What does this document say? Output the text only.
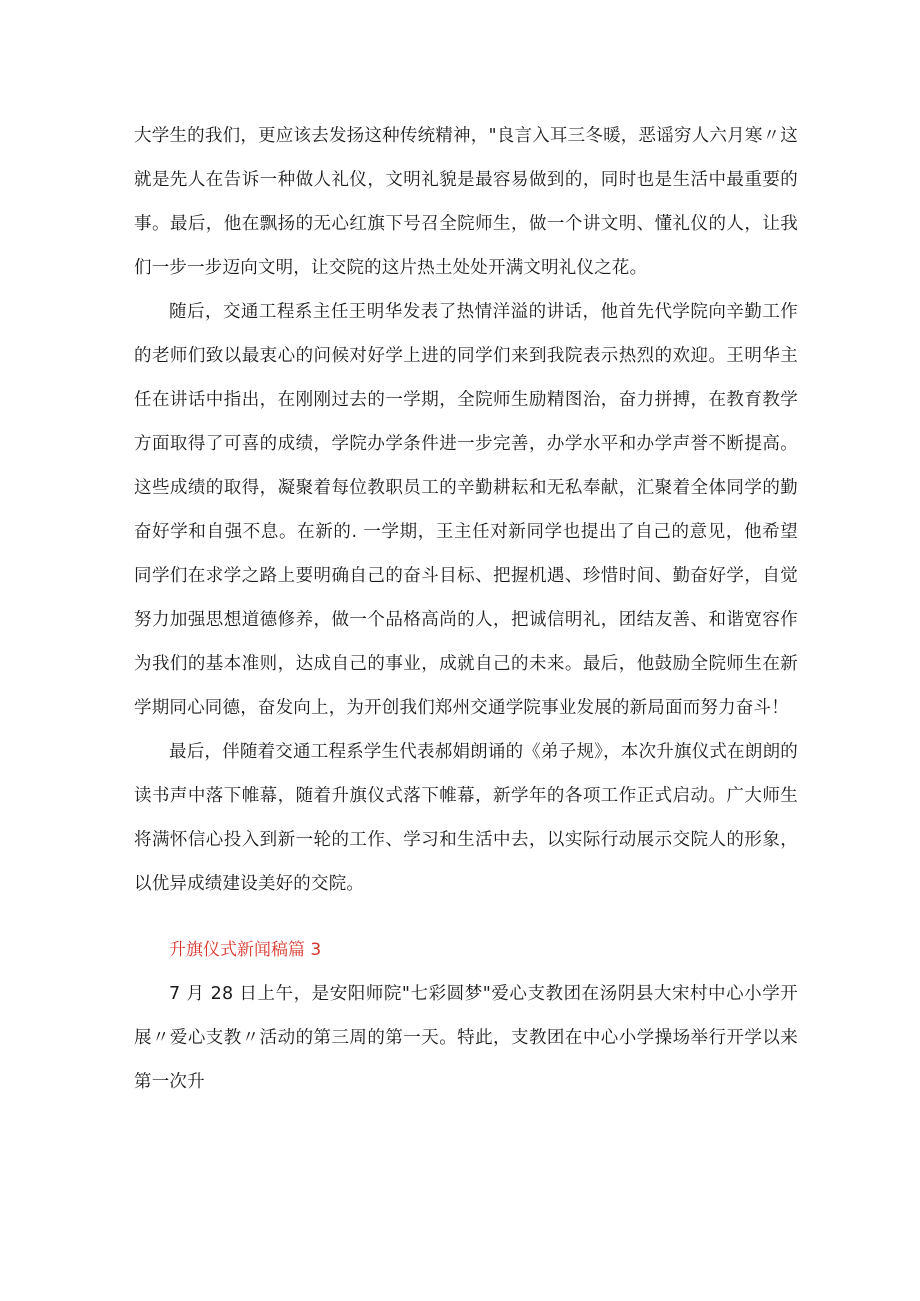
大学生的我们，更应该去发扬这种传统精神，"良言入耳三冬暖，恶谣穷人六月寒〃这就是先人在告诉一种做人礼仪，文明礼貌是最容易做到的，同时也是生活中最重要的事。最后，他在飘扬的无心红旗下号召全院师生，做一个讲文明、懂礼仪的人，让我们一步一步迈向文明，让交院的这片热土处处开满文明礼仪之花。

随后，交通工程系主任王明华发表了热情洋溢的讲话，他首先代学院向辛勤工作的老师们致以最衷心的问候对好学上进的同学们来到我院表示热烈的欢迎。王明华主任在讲话中指出，在刚刚过去的一学期，全院师生励精图治，奋力拼搏，在教育教学方面取得了可喜的成绩，学院办学条件进一步完善，办学水平和办学声誉不断提高。这些成绩的取得，凝聚着每位教职员工的辛勤耕耘和无私奉献，汇聚着全体同学的勤奋好学和自强不息。在新的. 一学期，王主任对新同学也提出了自己的意见，他希望同学们在求学之路上要明确自己的奋斗目标、把握机遇、珍惜时间、勤奋好学，自觉努力加强思想道德修养，做一个品格高尚的人，把诚信明礼，团结友善、和谐宽容作为我们的基本准则，达成自己的事业，成就自己的未来。最后，他鼓励全院师生在新学期同心同德，奋发向上，为开创我们郑州交通学院事业发展的新局面而努力奋斗！

最后，伴随着交通工程系学生代表郝娟朗诵的《弟子规》，本次升旗仪式在朗朗的读书声中落下帷幕，随着升旗仪式落下帷幕，新学年的各项工作正式启动。广大师生将满怀信心投入到新一轮的工作、学习和生活中去，以实际行动展示交院人的形象，以优异成绩建设美好的交院。

升旗仪式新闻稿篇 3

7 月 28 日上午，是安阳师院"七彩圆梦"爱心支教团在汤阴县大宋村中心小学开展〃爱心支教〃活动的第三周的第一天。特此，支教团在中心小学操场举行开学以来第一次升
